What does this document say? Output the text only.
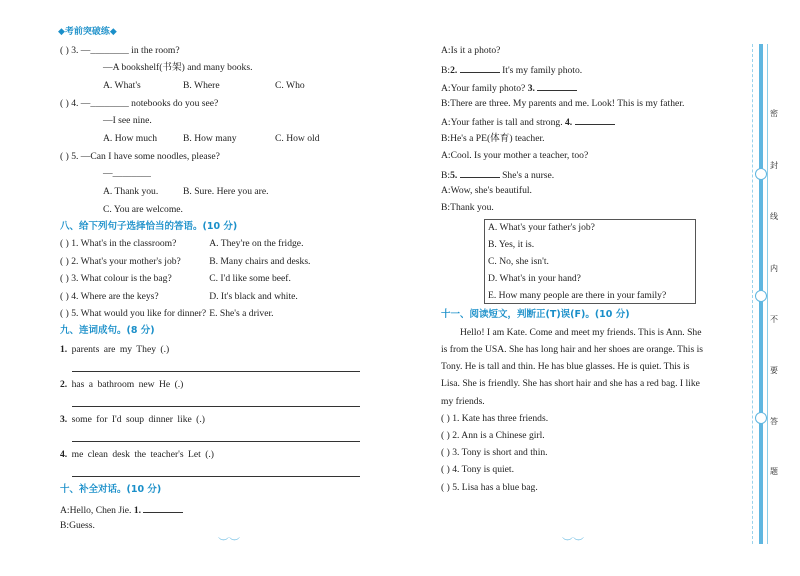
◆考前突破练◆
( ) 3. —________ in the room?
—A bookshelf(书架) and many books.
A. What's	B. Where	C. Who
( ) 4. —________ notebooks do you see?
—I see nine.
A. How much	B. How many	C. How old
( ) 5. —Can I have some noodles, please?
—________
A. Thank you.	B. Sure. Here you are.
C. You are welcome.
八、给下列句子选择恰当的答语。(10 分)
( ) 1. What's in the classroom?	A. They're on the fridge.
( ) 2. What's your mother's job?	B. Many chairs and desks.
( ) 3. What colour is the bag?	C. I'd like some beef.
( ) 4. Where are the keys?	D. It's black and white.
( ) 5. What would you like for dinner? E. She's a driver.
九、连词成句。(8 分)
1. parents are my They (.)
2. has a bathroom new He (.)
3. some for I'd soup dinner like (.)
4. me clean desk the teacher's Let (.)
十、补全对话。(10 分)
A:Hello, Chen Jie. 1.
B:Guess.
A:Is it a photo?
B:2.	It's my family photo.
A:Your family photo? 3.
B:There are three. My parents and me. Look! This is my father.
A:Your father is tall and strong. 4.
B:He's a PE(体育) teacher.
A:Cool. Is your mother a teacher, too?
B:5.	She's a nurse.
A:Wow, she's beautiful.
B:Thank you.
A. What's your father's job?
B. Yes, it is.
C. No, she isn't.
D. What's in your hand?
E. How many people are there in your family?
十一、阅读短文，判断正(T)误(F)。(10 分)
Hello! I am Kate. Come and meet my friends. This is Ann. She
is from the USA. She has long hair and her shoes are orange. This is
Tony. He is tall and thin. He has blue glasses. He is quiet. This is
Lisa. She is friendly. She has short hair and she has a red bag. I like
my friends.
( ) 1. Kate has three friends.
( ) 2. Ann is a Chinese girl.
( ) 3. Tony is short and thin.
( ) 4. Tony is quiet.
( ) 5. Lisa has a blue bag.
︶︶	︶︶
密
封
线
内
不
要
答
题
